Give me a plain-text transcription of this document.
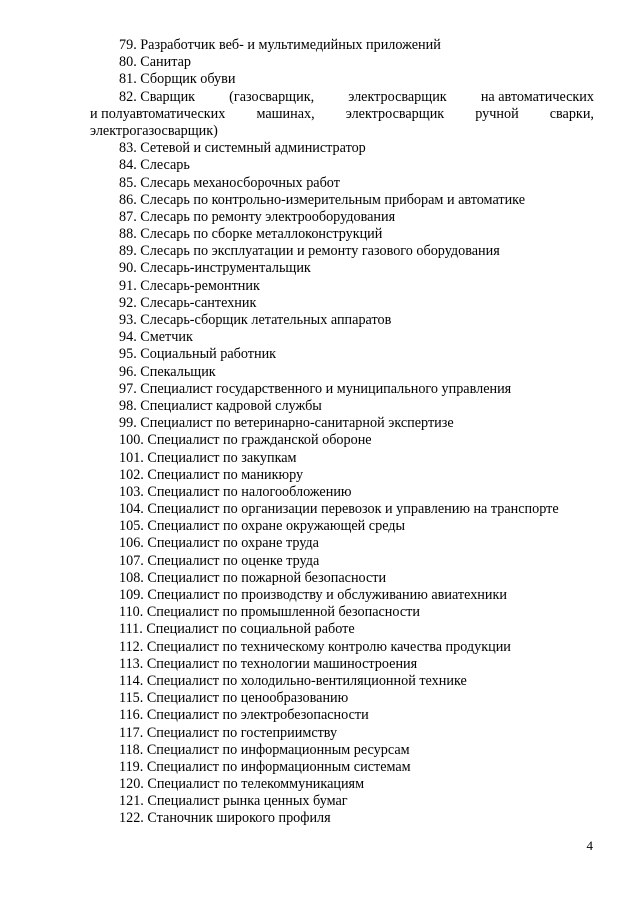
79. Разработчик веб- и мультимедийных приложений
80. Санитар
81. Сборщик обуви
82. Сварщик (газосварщик, электросварщик на автоматических
и полуавтоматических машинах, электросварщик ручной сварки,
электрогазосварщик)
83. Сетевой и системный администратор
84. Слесарь
85. Слесарь механосборочных работ
86. Слесарь по контрольно-измерительным приборам и автоматике
87. Слесарь по ремонту электрооборудования
88. Слесарь по сборке металлоконструкций
89. Слесарь по эксплуатации и ремонту газового оборудования
90. Слесарь-инструментальщик
91. Слесарь-ремонтник
92. Слесарь-сантехник
93. Слесарь-сборщик летательных аппаратов
94. Сметчик
95. Социальный работник
96. Спекальщик
97. Специалист государственного и муниципального управления
98. Специалист кадровой службы
99. Специалист по ветеринарно-санитарной экспертизе
100. Специалист по гражданской обороне
101. Специалист по закупкам
102. Специалист по маникюру
103. Специалист по налогообложению
104. Специалист по организации перевозок и управлению на транспорте
105. Специалист по охране окружающей среды
106. Специалист по охране труда
107. Специалист по оценке труда
108. Специалист по пожарной безопасности
109. Специалист по производству и обслуживанию авиатехники
110. Специалист по промышленной безопасности
111. Специалист по социальной работе
112. Специалист по техническому контролю качества продукции
113. Специалист по технологии машиностроения
114. Специалист по холодильно-вентиляционной технике
115. Специалист по ценообразованию
116. Специалист по электробезопасности
117. Специалист по гостеприимству
118. Специалист по информационным ресурсам
119. Специалист по информационным системам
120. Специалист по телекоммуникациям
121. Специалист рынка ценных бумаг
122. Станочник широкого профиля
4
